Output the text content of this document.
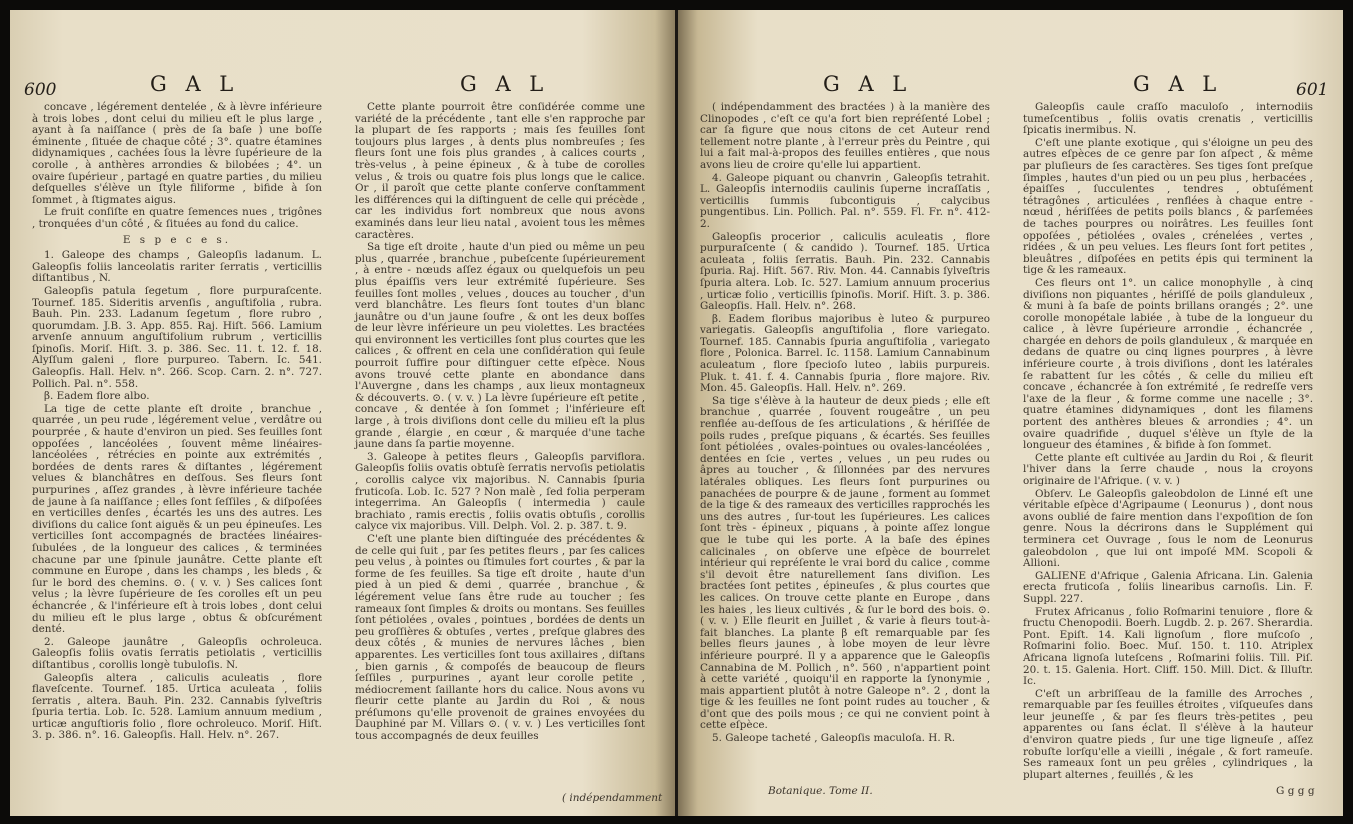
600	G A L	G A L

concave , légérement dentelée , & à lèvre inférieure à trois lobes , dont celui du milieu eſt le plus large , ayant à ſa naiſſance ( près de ſa baſe ) une boſſe éminente , ſituée de chaque côté ; 3°. quatre étamines didynamiques , cachées ſous la lèvre ſupérieure de la corolle , à anthères arrondies & bilobées ; 4°. un ovaire ſupérieur , partagé en quatre parties , du milieu deſquelles s'élève un ſtyle filiforme , bifide à ſon ſommet , à ſtigmates aigus.

Le fruit conſiſte en quatre ſemences nues , trigônes , tronquées d'un côté , & ſituées au fond du calice.

E s p e c e s.

1. Galeope des champs , Galeopſis ladanum. L. Galeopſis foliis lanceolatis rariter ſerratis , verticillis diſtantibus , N.

Galeopſis patula ſegetum , flore purpuraſcente. Tournef. 185. Sideritis arvenſis , anguſtifolia , rubra. Bauh. Pin. 233. Ladanum ſegetum , flore rubro , quorumdam. J.B. 3. App. 855. Raj. Hiſt. 566. Lamium arvenſe annuum anguſtifolium rubrum , verticillis ſpinoſis. Moriſ. Hiſt. 3. p. 386. Sec. 11. t. 12. f. 18. Alyſſum galeni , flore purpureo. Tabern. Ic. 541. Galeopſis. Hall. Helv. n°. 266. Scop. Carn. 2. n°. 727. Pollich. Pal. n°. 558.

β. Eadem flore albo.

La tige de cette plante eſt droite , branchue , quarrée , un peu rude , légérement velue , verdâtre ou pourprée , & haute d'environ un pied. Ses feuilles ſont oppoſées , lancéolées , ſouvent même linéaires-lancéolées , rétrécies en pointe aux extrémités , bordées de dents rares & diſtantes , légérement velues & blanchâtres en deſſous. Ses fleurs ſont purpurines , aſſez grandes , à lèvre inférieure tachée de jaune à ſa naiſſance ; elles ſont ſeſſiles , & diſpoſées en verticilles denſes , écartés les uns des autres. Les diviſions du calice ſont aiguës & un peu épineuſes. Les verticilles ſont accompagnés de bractées linéaires-ſubulées , de la longueur des calices , & terminées chacune par une ſpinule jaunâtre. Cette plante eſt commune en Europe , dans les champs , les bleds , & ſur le bord des chemins. ⊙. ( v. v. ) Ses calices ſont velus ; la lèvre ſupérieure de ſes corolles eſt un peu échancrée , & l'inférieure eſt à trois lobes , dont celui du milieu eſt le plus large , obtus & obſcurément denté.

2. Galeope jaunâtre , Galeopſis ochroleuca. Galeopſis foliis ovatis ſerratis petiolatis , verticillis diſtantibus , corollis longè tubuloſis. N.

Galeopſis altera , caliculis aculeatis , flore flaveſcente. Tournef. 185. Urtica aculeata , foliis ſerratis , altera. Bauh. Pin. 232. Cannabis ſylveſtris ſpuria tertia. Lob. Ic. 528. Lamium annuum medium , urticæ anguſtioris folio , flore ochroleuco. Moriſ. Hiſt. 3. p. 386. n°. 16. Galeopſis. Hall. Helv. n°. 267.

Cette plante pourroit être conſidérée comme une variété de la précédente , tant elle s'en rapproche par la plupart de ſes rapports ; mais ſes feuilles ſont toujours plus larges , à dents plus nombreuſes ; ſes fleurs ſont une fois plus grandes , à calices courts , très-velus , à peine épineux , & à tube de corolles velus , & trois ou quatre fois plus longs que le calice. Or , il paroît que cette plante conſerve conſtamment les différences qui la diſtinguent de celle qui précède , car les individus fort nombreux que nous avons examinés dans leur lieu natal , avoient tous les mêmes caractères.

Sa tige eſt droite , haute d'un pied ou même un peu plus , quarrée , branchue , pubeſcente ſupérieurement , à entre - nœuds aſſez égaux ou quelquefois un peu plus épaiſſis vers leur extrémité ſupérieure. Ses feuilles ſont molles , velues , douces au toucher , d'un verd blanchâtre. Les fleurs ſont toutes d'un blanc jaunâtre ou d'un jaune ſoufre , & ont les deux boſſes de leur lèvre inférieure un peu violettes. Les bractées qui environnent les verticilles ſont plus courtes que les calices , & offrent en cela une conſidération qui ſeule pourroit ſuffire pour diſtinguer cette eſpèce. Nous avons trouvé cette plante en abondance dans l'Auvergne , dans les champs , aux lieux montagneux & découverts. ⊙. ( v. v. ) La lèvre ſupérieure eſt petite , concave , & dentée à ſon ſommet ; l'inférieure eſt large , à trois diviſions dont celle du milieu eſt la plus grande , élargie , en cœur , & marquée d'une tache jaune dans ſa partie moyenne.

3. Galeope à petites fleurs , Galeopſis parviflora. Galeopſis foliis ovatis obtuſè ſerratis nervoſis petiolatis , corollis calyce vix majoribus. N. Cannabis ſpuria fruticoſa. Lob. Ic. 527 ? Non malè , ſed folia perperam integerrima. An Galeopſis ( intermedia ) caule brachiato , ramis erectis , foliis ovatis obtuſis , corollis calyce vix majoribus. Vill. Delph. Vol. 2. p. 387. t. 9.

C'eſt une plante bien diſtinguée des précédentes & de celle qui ſuit , par ſes petites fleurs , par ſes calices peu velus , à pointes ou ſtimules fort courtes , & par la forme de ſes feuilles. Sa tige eſt droite , haute d'un pied à un pied & demi , quarrée , branchue , & légérement velue ſans être rude au toucher ; ſes rameaux ſont ſimples & droits ou montans. Ses feuilles ſont pétiolées , ovales , pointues , bordées de dents un peu groſſières & obtuſes , vertes , preſque glabres des deux côtés , & munies de nervures lâches , bien apparentes. Les verticilles ſont tous axillaires , diſtans , bien garnis , & compoſés de beaucoup de fleurs ſeſſiles , purpurines , ayant leur corolle petite , médiocrement ſaillante hors du calice. Nous avons vu fleurir cette plante au Jardin du Roi , & nous préſumons qu'elle provenoit de graines envoyées du Dauphiné par M. Villars ⊙. ( v. v. ) Les verticilles ſont tous accompagnés de deux feuilles

( indépendamment
G A L	G A L	601

( indépendamment des bractées ) à la manière des Clinopodes , c'eſt ce qu'a fort bien repréſenté Lobel ; car ſa figure que nous citons de cet Auteur rend tellement notre plante , à l'erreur près du Peintre , qui lui a fait mal-à-propos des feuilles entières , que nous avons lieu de croire qu'elle lui appartient.

4. Galeope piquant ou chanvrin , Galeopſis tetrahit. L. Galeopſis internodiis caulinis ſuperne incraſſatis , verticillis ſummis ſubcontiguis , calycibus pungentibus. Lin. Pollich. Pal. n°. 559. Fl. Fr. n°. 412-2.

Galeopſis procerior , caliculis aculeatis , flore purpuraſcente ( & candido ). Tournef. 185. Urtica aculeata , foliis ſerratis. Bauh. Pin. 232. Cannabis ſpuria. Raj. Hiſt. 567. Riv. Mon. 44. Cannabis ſylveſtris ſpuria altera. Lob. Ic. 527. Lamium annuum procerius , urticæ folio , verticillis ſpinoſis. Moriſ. Hiſt. 3. p. 386. Galeopſis. Hall. Helv. n°. 268.

β. Eadem floribus majoribus è luteo & purpureo variegatis. Galeopſis anguſtifolia , flore variegato. Tournef. 185. Cannabis ſpuria anguſtifolia , variegato flore , Polonica. Barrel. Ic. 1158. Lamium Cannabinum aculeatum , flore ſpecioſo luteo , labiis purpureis. Pluk. t. 41. f. 4. Cannabis ſpuria , flore majore. Riv. Mon. 45. Galeopſis. Hall. Helv. n°. 269.

Sa tige s'élève à la hauteur de deux pieds ; elle eſt branchue , quarrée , ſouvent rougeâtre , un peu renflée au-deſſous de ſes articulations , & hériſſée de poils rudes , preſque piquans , & écartés. Ses feuilles ſont pétiolées , ovales-pointues ou ovales-lancéolées , dentées en ſcie , vertes , velues , un peu rudes ou âpres au toucher , & ſillonnées par des nervures latérales obliques. Les fleurs ſont purpurines ou panachées de pourpre & de jaune , forment au ſommet de la tige & des rameaux des verticilles rapprochés les uns des autres , ſur-tout les ſupérieures. Les calices ſont très - épineux , piquans , à pointe aſſez longue que le tube qui les porte. A la baſe des épines calicinales , on obſerve une eſpèce de bourrelet intérieur qui repréſente le vrai bord du calice , comme s'il devoit être naturellement ſans diviſion. Les bractées ſont petites , épineuſes , & plus courtes que les calices. On trouve cette plante en Europe , dans les haies , les lieux cultivés , & ſur le bord des bois. ⊙. ( v. v. ) Elle fleurit en Juillet , & varie à fleurs tout-à-fait blanches. La plante β eſt remarquable par ſes belles fleurs jaunes , à lobe moyen de leur lèvre inférieure pourpré. Il y a apparence que le Galeopſis Cannabina de M. Pollich , n°. 560 , n'appartient point à cette variété , quoiqu'il en rapporte la ſynonymie , mais appartient plutôt à notre Galeope n°. 2 , dont la tige & les feuilles ne ſont point rudes au toucher , & d'ont que des poils mous ; ce qui ne convient point à cette eſpèce.

5. Galeope tacheté , Galeopſis maculoſa. H. R.

Galeopſis caule craſſo maculoſo , internodiis tumeſcentibus , foliis ovatis crenatis , verticillis ſpicatis inermibus. N.

C'eſt une plante exotique , qui s'éloigne un peu des autres eſpèces de ce genre par ſon aſpect , & même par pluſieurs de ſes caractères. Ses tiges ſont preſque ſimples , hautes d'un pied ou un peu plus , herbacées , épaiſſes , ſucculentes , tendres , obtuſément tétragônes , articulées , renflées à chaque entre - nœud , hériſſées de petits poils blancs , & parſemées de taches pourpres ou noirâtres. Les feuilles ſont oppoſées , pétiolées , ovales , crénelées , vertes , ridées , & un peu velues. Les fleurs ſont fort petites , bleuâtres , diſpoſées en petits épis qui terminent la tige & les rameaux.

Ces fleurs ont 1°. un calice monophylle , à cinq diviſions non piquantes , hériſſé de poils glanduleux , & muni à ſa baſe de points brillans orangés ; 2°. une corolle monopétale labiée , à tube de la longueur du calice , à lèvre ſupérieure arrondie , échancrée , chargée en dehors de poils glanduleux , & marquée en dedans de quatre ou cinq lignes pourpres , à lèvre inférieure courte , à trois diviſions , dont les latérales ſe rabattent ſur les côtés , & celle du milieu eſt concave , échancrée à ſon extrémité , ſe redreſſe vers l'axe de la fleur , & forme comme une nacelle ; 3°. quatre étamines didynamiques , dont les filamens portent des anthères bleues & arrondies ; 4°. un ovaire quadrifide , duquel s'élève un ſtyle de la longueur des étamines , & bifide à ſon ſommet.

Cette plante eſt cultivée au Jardin du Roi , & fleurit l'hiver dans la ſerre chaude , nous la croyons originaire de l'Afrique. ( v. v. )

Obſerv. Le Galeopſis galeobdolon de Linné eſt une véritable eſpèce d'Agripaume ( Leonurus ) , dont nous avons oublié de faire mention dans l'expoſition de ſon genre. Nous la décrirons dans le Supplément qui terminera cet Ouvrage , ſous le nom de Leonurus galeobdolon , que lui ont impoſé MM. Scopoli & Allioni.

GALIENE d'Afrique , Galenia Africana. Lin. Galenia erecta fruticoſa , foliis linearibus carnoſis. Lin. F. Suppl. 227.

Frutex Africanus , folio Roſmarini tenuiore , flore & fructu Chenopodii. Boerh. Lugdb. 2. p. 267. Sherardia. Pont. Epiſt. 14. Kali lignoſum , flore muſcoſo , Roſmarini folio. Boec. Muſ. 150. t. 110. Atriplex Africana lignoſa luteſcens , Roſmarini foliis. Till. Piſ. 20. t. 15. Galenia. Hort. Cliff. 150. Mill. Dict. & Illuſtr. Ic.

C'eſt un arbriſſeau de la famille des Arroches , remarquable par ſes feuilles étroites , viſqueuſes dans leur jeuneſſe , & par ſes fleurs très-petites , peu apparentes ou ſans éclat. Il s'élève à la hauteur d'environ quatre pieds , ſur une tige ligneuſe , aſſez robuſte lorſqu'elle a vieilli , inégale , & fort rameuſe. Ses rameaux ſont un peu grêles , cylindriques , la plupart alternes , feuillés , & les

Botanique. Tome II.	G g g g
